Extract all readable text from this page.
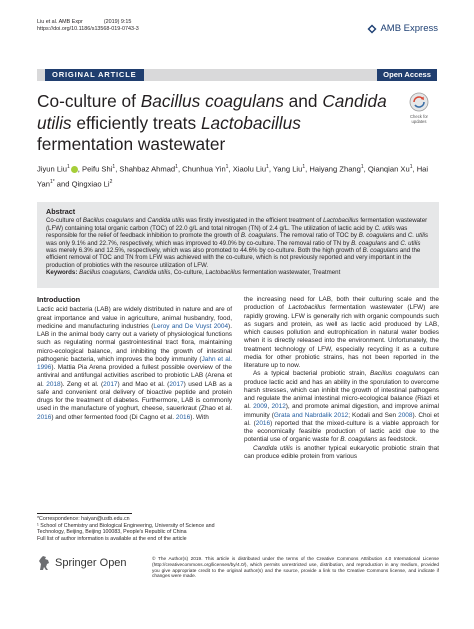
Liu et al. AMB Expr	(2019) 9:15
https://doi.org/10.1186/s13568-019-0743-3	AMB Express
ORIGINAL ARTICLE	Open Access
Co-culture of Bacillus coagulans and Candida utilis efficiently treats Lactobacillus fermentation wastewater
Check for
updates
Jiyun Liu$^1$ , Peifu Shi$^1$, Shahbaz Ahmad$^1$, Chunhua Yin$^1$, Xiaolu Liu$^1$, Yang Liu$^1$, Haiyang Zhang$^1$, Qianqian Xu$^1$, Hai Yan$^{1*}$ and Qingxiao Li$^2$
Abstract
Co-culture of Bacillus coagulans and Candida utilis was firstly investigated in the efficient treatment of Lactobacillus fermentation wastewater (LFW) containing total organic carbon (TOC) of 22.0 g/L and total nitrogen (TN) of 2.4 g/L. The utilization of lactic acid by C. utilis was responsible for the relief of feedback inhibition to promote the growth of B. coagulans. The removal ratio of TOC by B. coagulans and C. utilis was only 9.1% and 22.7%, respectively, which was improved to 49.0% by co-culture. The removal ratio of TN by B. coagulans and C. utilis was merely 6.3% and 12.5%, respectively, which was also promoted to 44.6% by co-culture. Both the high growth of B. coagulans and the efficient removal of TOC and TN from LFW was achieved with the co-culture, which is not previously reported and very important in the production of probiotics with the resource utilization of LFW.
Keywords: Bacillus coagulans, Candida utilis, Co-culture, Lactobacillus fermentation wastewater, Treatment
Introduction

Lactic acid bacteria (LAB) are widely distributed in nature and are of great importance and value in agriculture, animal husbandry, food, medicine and manufacturing industries (Leroy and De Vuyst 2004). LAB in the animal body carry out a variety of physiological functions such as regulating normal gastrointestinal tract flora, maintaining micro-ecological balance, and inhibiting the growth of intestinal pathogenic bacteria, which improves the body immunity (Jahn et al. 1996). Mattia Pia Arena provided a fullest possible overview of the antiviral and antifungal activities ascribed to probiotic LAB (Arena et al. 2018). Zeng et al. (2017) and Mao et al. (2017) used LAB as a safe and convenient oral delivery of bioactive peptide and protein drugs for the treatment of diabetes. Furthermore, LAB is commonly used in the manufacture of yoghurt, cheese, sauerkraut (Zhao et al. 2016) and other fermented food (Di Cagno et al. 2016). With

the increasing need for LAB, both their culturing scale and the production of Lactobacillus fermentation wastewater (LFW) are rapidly growing. LFW is generally rich with organic compounds such as sugars and protein, as well as lactic acid produced by LAB, which causes pollution and eutrophication in natural water bodies when it is directly released into the environment. Unfortunately, the treatment technology of LFW, especially recycling it as a culture media for other probiotic strains, has not been reported in the literature up to now.

As a typical bacterial probiotic strain, Bacillus coagulans can produce lactic acid and has an ability in the sporulation to overcome harsh stresses, which can inhibit the growth of intestinal pathogens and regulate the animal intestinal micro-ecological balance (Riazi et al. 2009, 2012), and promote animal digestion, and improve animal immunity (Grata and Nabrdalik 2012; Kodali and Sen 2008). Choi et al. (2016) reported that the mixed-culture is a viable approach for the economically feasible production of lactic acid due to the potential use of organic waste for B. coagulans as feedstock.

Candida utilis is another typical eukaryotic probiotic strain that can produce edible protein from various

*Correspondence: haiyan@ustb.edu.cn
¹ School of Chemistry and Biological Engineering, University of Science and Technology, Beijing, Beijing 100083, People's Republic of China
Full list of author information is available at the end of the article
Springer Open	© The Author(s) 2019. This article is distributed under the terms of the Creative Commons Attribution 4.0 International License (http://creativecommons.org/licenses/by/4.0/), which permits unrestricted use, distribution, and reproduction in any medium, provided you give appropriate credit to the original author(s) and the source, provide a link to the Creative Commons license, and indicate if changes were made.
